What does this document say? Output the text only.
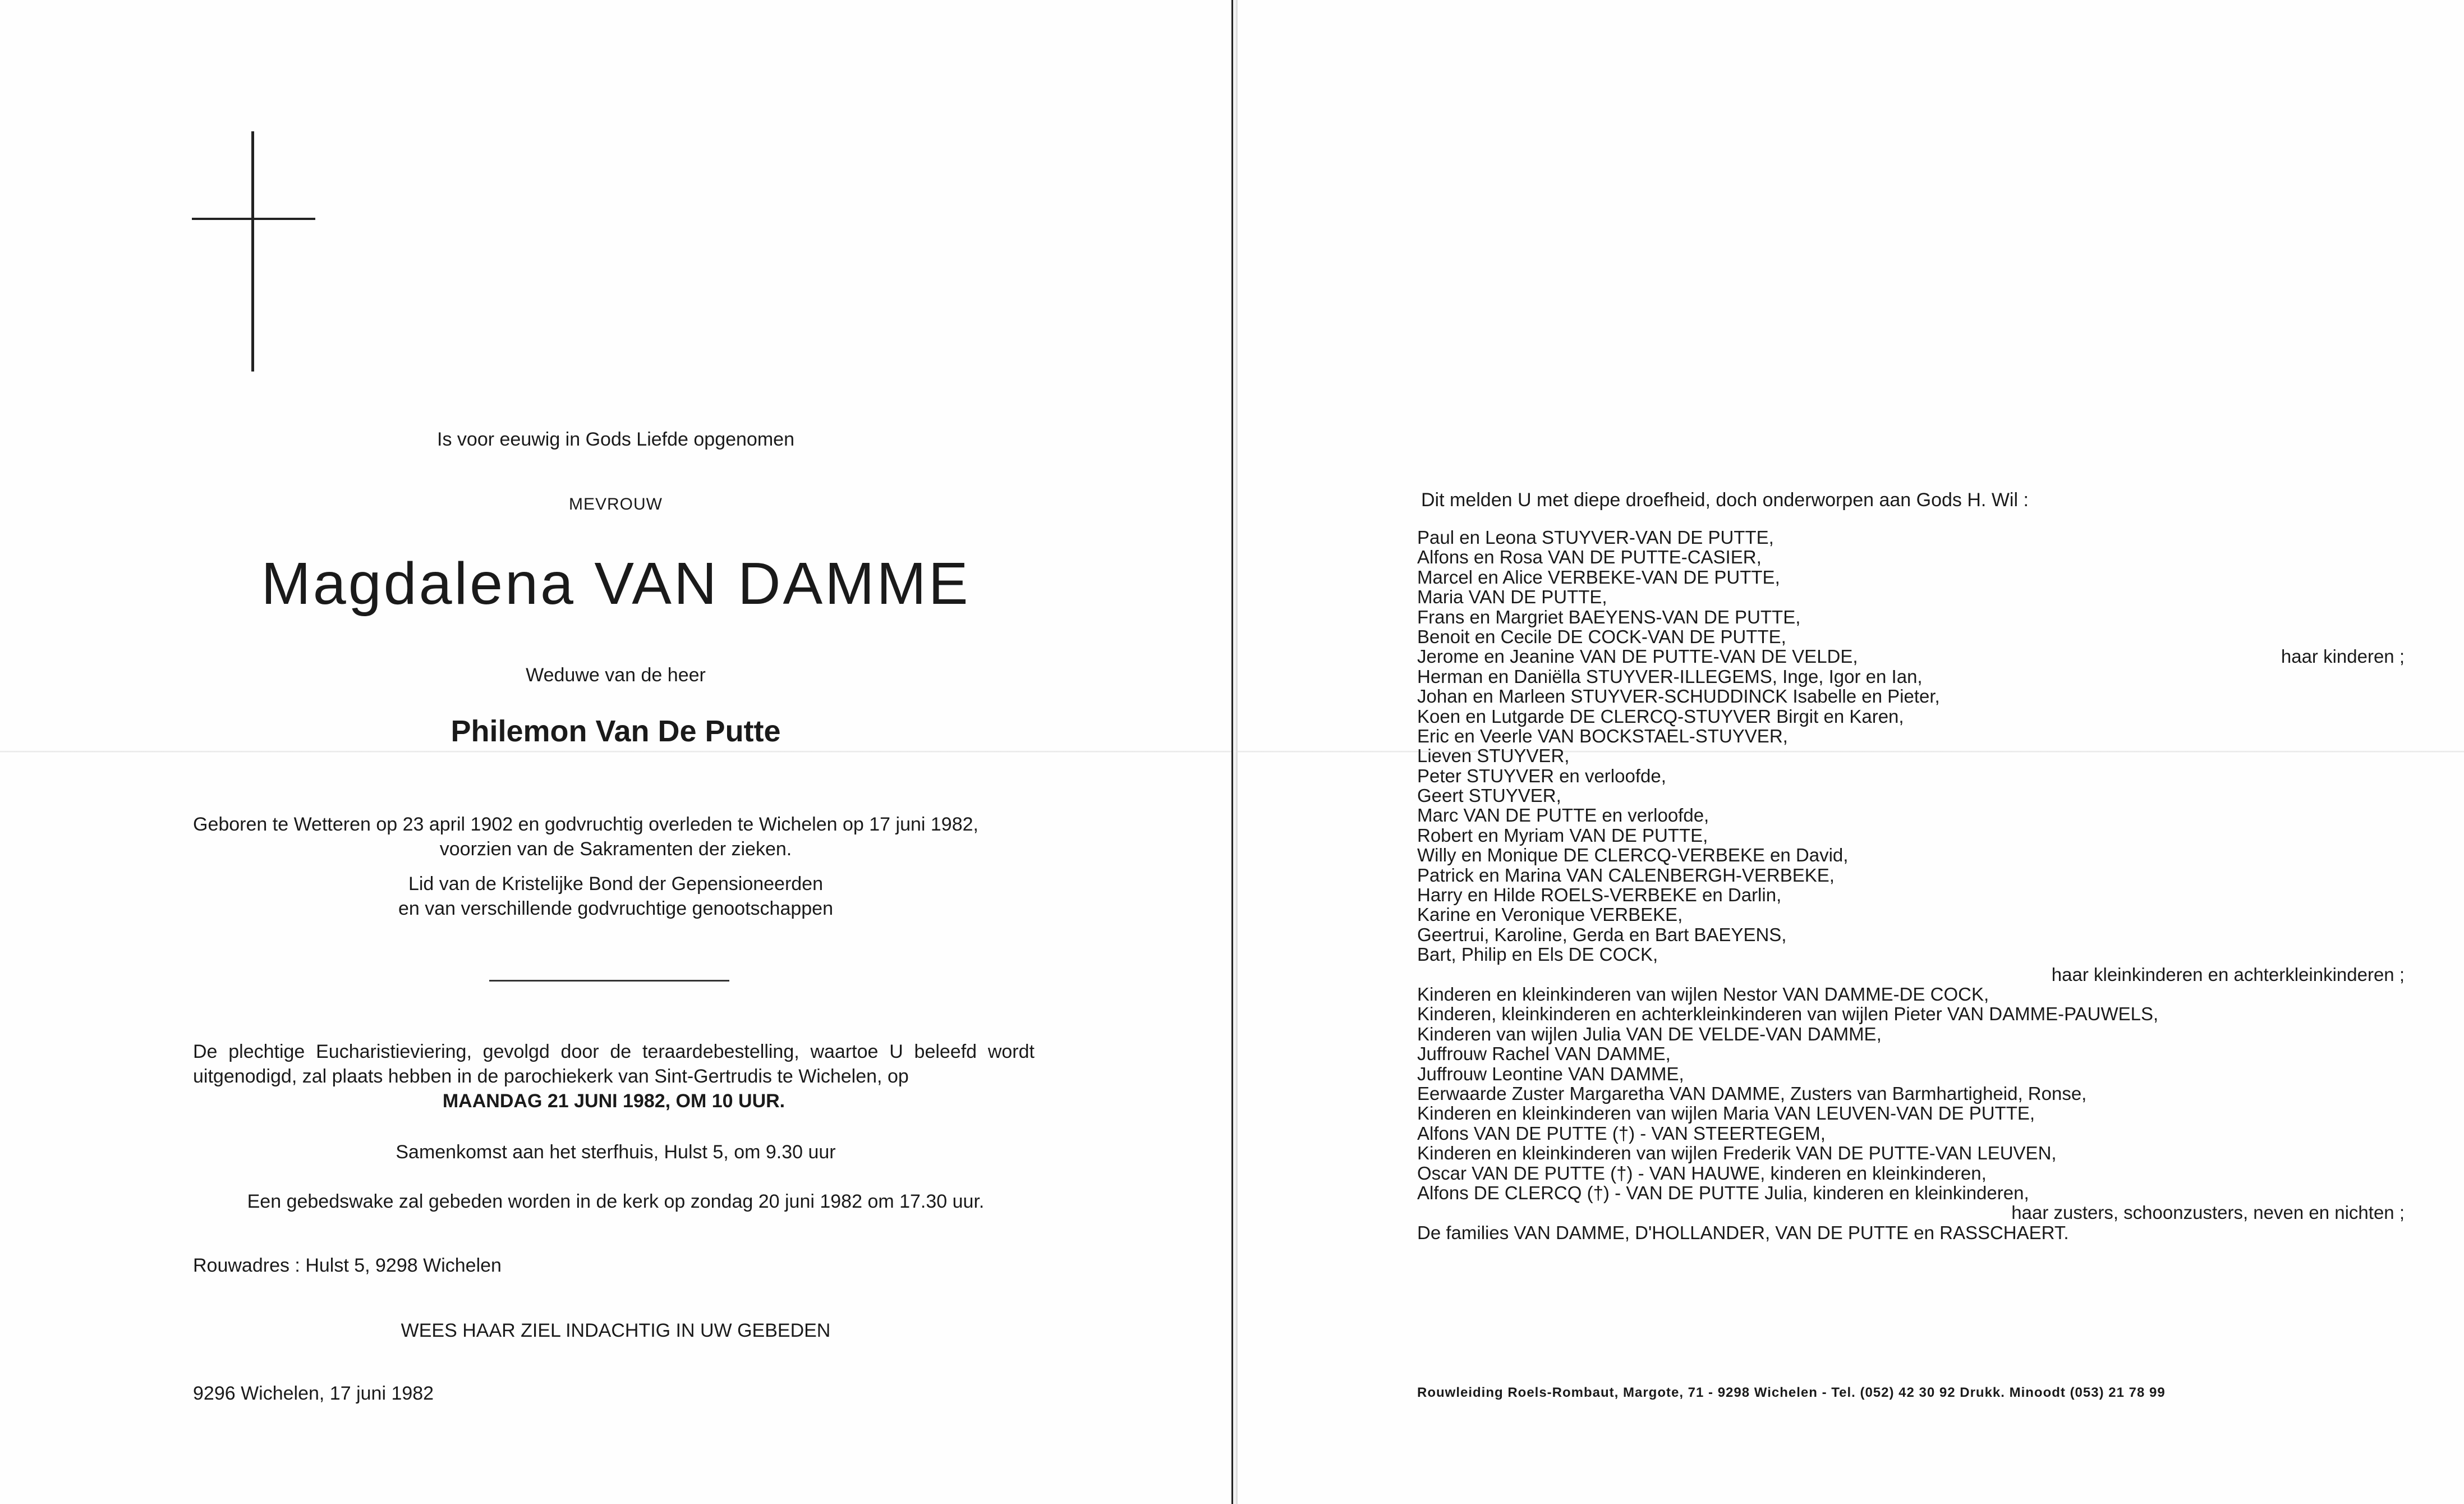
Is voor eeuwig in Gods Liefde opgenomen
MEVROUW
Magdalena VAN DAMME
Weduwe van de heer
Philemon Van De Putte
Geboren te Wetteren op 23 april 1902 en godvruchtig overleden te Wichelen op 17 juni 1982,
voorzien van de Sakramenten der zieken.
Lid van de Kristelijke Bond der Gepensioneerden
en van verschillende godvruchtige genootschappen
De plechtige Eucharistieviering, gevolgd door de teraardebestelling, waartoe U beleefd wordt uitgenodigd, zal plaats hebben in de parochiekerk van Sint-Gertrudis te Wichelen, op
MAANDAG 21 JUNI 1982, OM 10 UUR.
Samenkomst aan het sterfhuis, Hulst 5, om 9.30 uur
Een gebedswake zal gebeden worden in de kerk op zondag 20 juni 1982 om 17.30 uur.
Rouwadres : Hulst 5, 9298 Wichelen
WEES HAAR ZIEL INDACHTIG IN UW GEBEDEN
9296 Wichelen, 17 juni 1982
Dit melden U met diepe droefheid, doch onderworpen aan Gods H. Wil :
Paul en Leona STUYVER-VAN DE PUTTE,
Alfons en Rosa VAN DE PUTTE-CASIER,
Marcel en Alice VERBEKE-VAN DE PUTTE,
Maria VAN DE PUTTE,
Frans en Margriet BAEYENS-VAN DE PUTTE,
Benoit en Cecile DE COCK-VAN DE PUTTE,
Jerome en Jeanine VAN DE PUTTE-VAN DE VELDE,	haar kinderen ;
Herman en Daniëlla STUYVER-ILLEGEMS, Inge, Igor en Ian,
Johan en Marleen STUYVER-SCHUDDINCK Isabelle en Pieter,
Koen en Lutgarde DE CLERCQ-STUYVER Birgit en Karen,
Eric en Veerle VAN BOCKSTAEL-STUYVER,
Lieven STUYVER,
Peter STUYVER en verloofde,
Geert STUYVER,
Marc VAN DE PUTTE en verloofde,
Robert en Myriam VAN DE PUTTE,
Willy en Monique DE CLERCQ-VERBEKE en David,
Patrick en Marina VAN CALENBERGH-VERBEKE,
Harry en Hilde ROELS-VERBEKE en Darlin,
Karine en Veronique VERBEKE,
Geertrui, Karoline, Gerda en Bart BAEYENS,
Bart, Philip en Els DE COCK,
haar kleinkinderen en achterkleinkinderen ;
Kinderen en kleinkinderen van wijlen Nestor VAN DAMME-DE COCK,
Kinderen, kleinkinderen en achterkleinkinderen van wijlen Pieter VAN DAMME-PAUWELS,
Kinderen van wijlen Julia VAN DE VELDE-VAN DAMME,
Juffrouw Rachel VAN DAMME,
Juffrouw Leontine VAN DAMME,
Eerwaarde Zuster Margaretha VAN DAMME, Zusters van Barmhartigheid, Ronse,
Kinderen en kleinkinderen van wijlen Maria VAN LEUVEN-VAN DE PUTTE,
Alfons VAN DE PUTTE (†) - VAN STEERTEGEM,
Kinderen en kleinkinderen van wijlen Frederik VAN DE PUTTE-VAN LEUVEN,
Oscar VAN DE PUTTE (†) - VAN HAUWE, kinderen en kleinkinderen,
Alfons DE CLERCQ (†) - VAN DE PUTTE Julia, kinderen en kleinkinderen,
haar zusters, schoonzusters, neven en nichten ;
De families VAN DAMME, D'HOLLANDER, VAN DE PUTTE en RASSCHAERT.
Rouwleiding Roels-Rombaut, Margote, 71 - 9298 Wichelen - Tel. (052) 42 30 92 Drukk. Minoodt (053) 21 78 99
